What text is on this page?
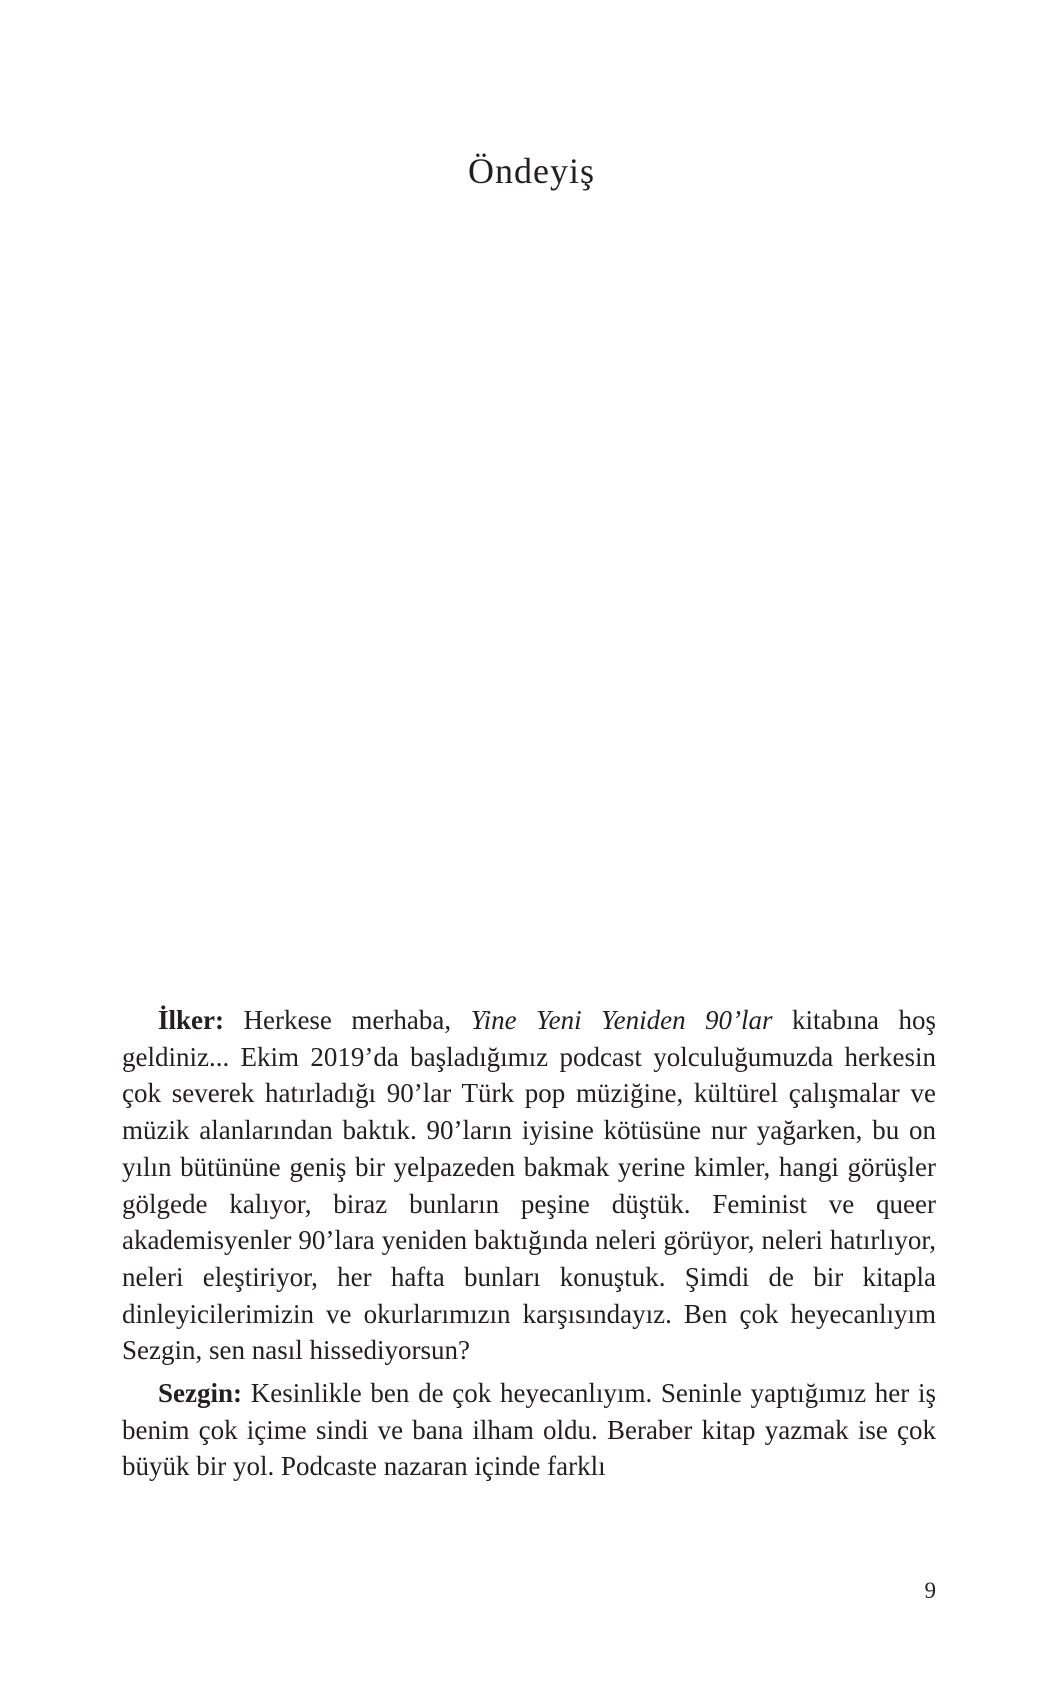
Öndeyiş

İlker: Herkese merhaba, Yine Yeni Yeniden 90’lar kitabına hoş geldiniz... Ekim 2019’da başladığımız podcast yolculuğumuzda herkesin çok severek hatırladığı 90’lar Türk pop müziğine, kültürel çalışmalar ve müzik alanlarından baktık. 90’ların iyisine kötüsüne nur yağarken, bu on yılın bütününe geniş bir yelpazeden bakmak yerine kimler, hangi görüşler gölgede kalıyor, biraz bunların peşine düştük. Feminist ve queer akademisyenler 90’lara yeniden baktığında neleri görüyor, neleri hatırlıyor, neleri eleştiriyor, her hafta bunları konuştuk. Şimdi de bir kitapla dinleyicilerimizin ve okurlarımızın karşısındayız. Ben çok heyecanlıyım Sezgin, sen nasıl hissediyorsun?

Sezgin: Kesinlikle ben de çok heyecanlıyım. Seninle yaptığımız her iş benim çok içime sindi ve bana ilham oldu. Beraber kitap yazmak ise çok büyük bir yol. Podcaste nazaran içinde farklı

9
